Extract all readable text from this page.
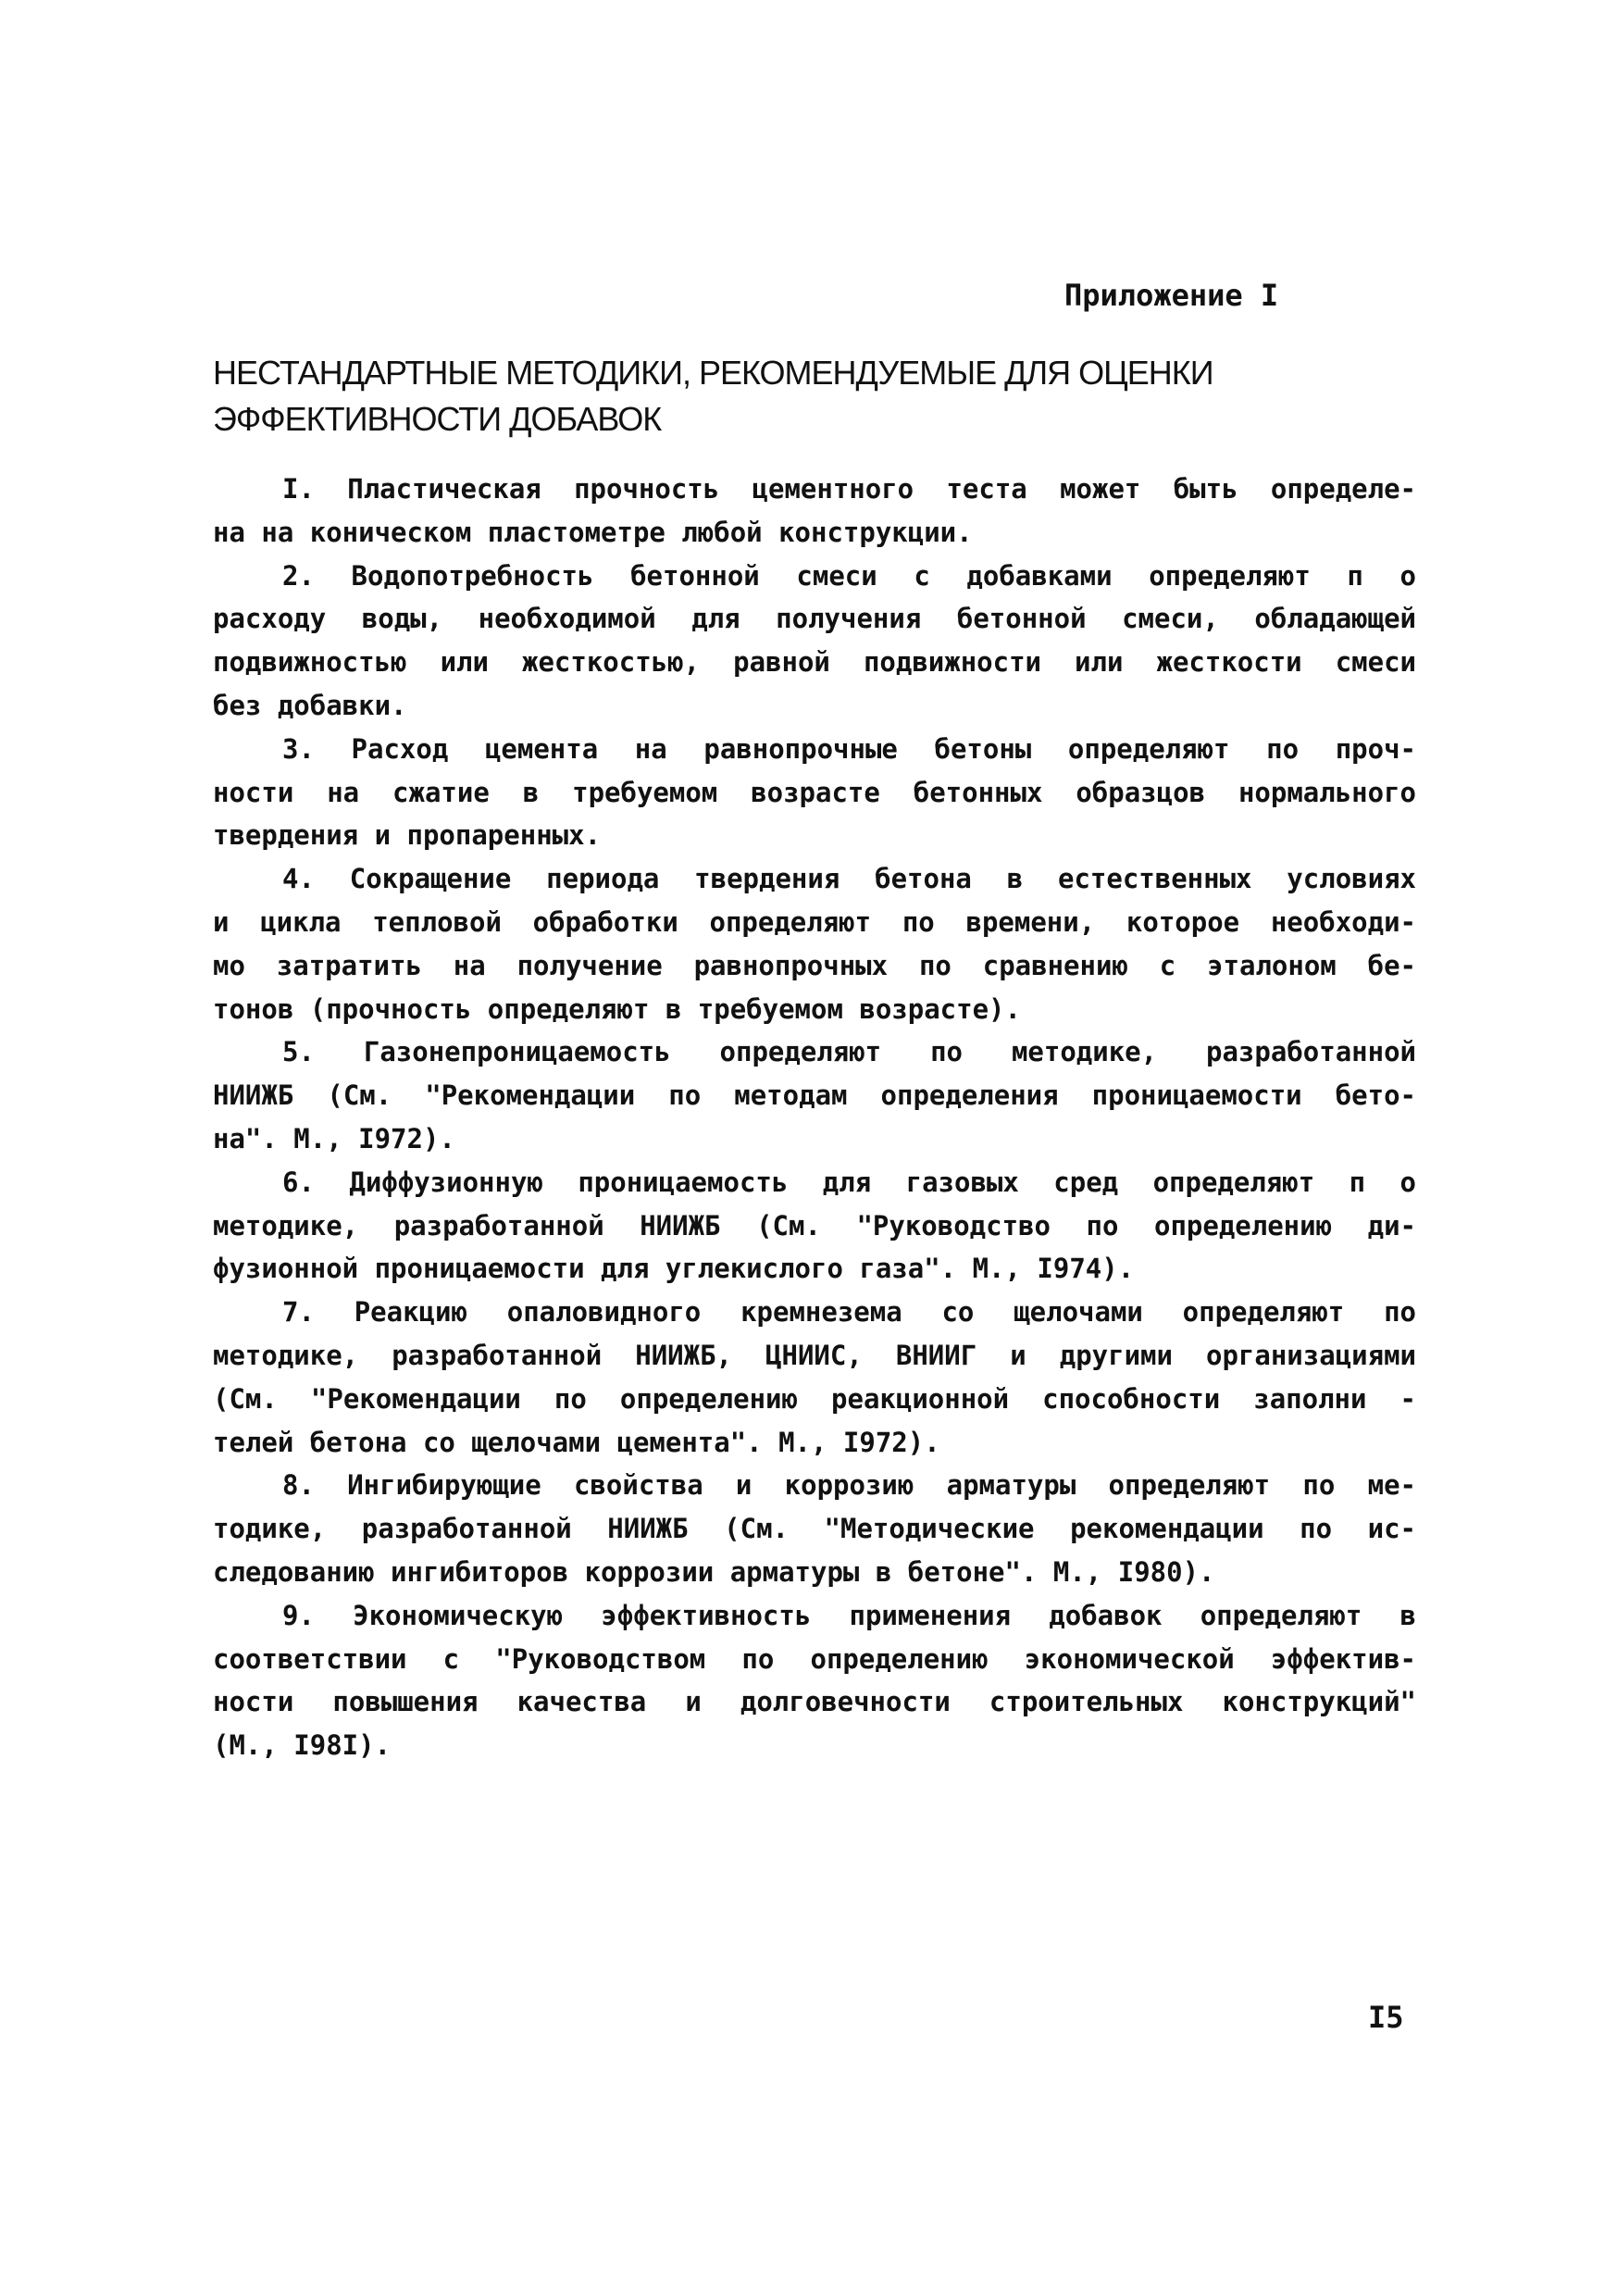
Приложение I
НЕСТАНДАРТНЫЕ МЕТОДИКИ, РЕКОМЕНДУЕМЫЕ ДЛЯ ОЦЕНКИ
ЭФФЕКТИВНОСТИ ДОБАВОК
I. Пластическая прочность цементного теста может быть определе-
на на коническом пластометре любой конструкции.
2. Водопотребность бетонной смеси с добавками определяют п о
расходу воды, необходимой для получения бетонной смеси, обладающей
подвижностью или жесткостью, равной подвижности или жесткости смеси
без добавки.
3. Расход цемента на равнопрочные бетоны определяют по проч-
ности на сжатие в требуемом возрасте бетонных образцов нормального
твердения и пропаренных.
4. Сокращение периода твердения бетона в естественных условиях
и цикла тепловой обработки определяют по времени, которое необходи-
мо затратить на получение равнопрочных по сравнению с эталоном бе-
тонов (прочность определяют в требуемом возрасте).
5. Газонепроницаемость определяют по методике, разработанной
НИИЖБ (См. "Рекомендации по методам определения проницаемости бето-
на". М., I972).
6. Диффузионную проницаемость для газовых сред определяют п о
методике, разработанной НИИЖБ (См. "Руководство по определению ди-
фузионной проницаемости для углекислого газа". М., I974).
7. Реакцию опаловидного кремнезема со щелочами определяют по
методике, разработанной НИИЖБ, ЦНИИС, ВНИИГ и другими организациями
(См. "Рекомендации по определению реакционной способности заполни -
телей бетона со щелочами цемента". М., I972).
8. Ингибирующие свойства и коррозию арматуры определяют по ме-
тодике, разработанной НИИЖБ (См. "Методические рекомендации по ис-
следованию ингибиторов коррозии арматуры в бетоне". М., I980).
9. Экономическую эффективность применения добавок определяют в
соответствии с "Руководством по определению экономической эффектив-
ности повышения качества и долговечности строительных конструкций"
(М., I98I).
I5
